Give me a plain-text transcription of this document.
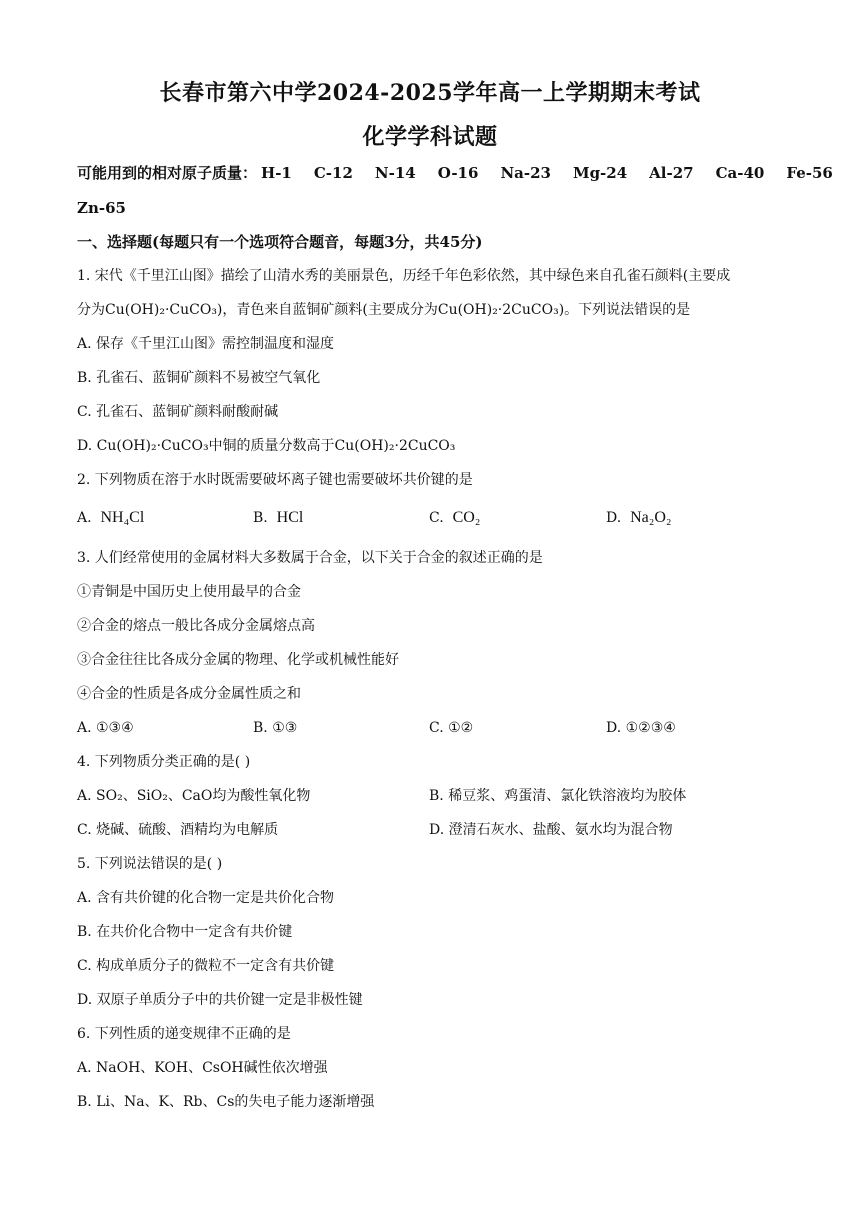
长春市第六中学2024-2025学年高一上学期期末考试
化学学科试题
可能用到的相对原子质量： H-1 C-12 N-14 O-16 Na-23 Mg-24 Al-27 Ca-40 Fe-56
Zn-65
一、选择题(每题只有一个选项符合题音，每题3分，共45分)
1. 宋代《千里江山图》描绘了山清水秀的美丽景色，历经千年色彩依然，其中绿色来自孔雀石颜料(主要成
分为Cu(OH)₂·CuCO₃)，青色来自蓝铜矿颜料(主要成分为Cu(OH)₂·2CuCO₃)。下列说法错误的是
A. 保存《千里江山图》需控制温度和湿度
B. 孔雀石、蓝铜矿颜料不易被空气氧化
C. 孔雀石、蓝铜矿颜料耐酸耐碱
D. Cu(OH)₂·CuCO₃中铜的质量分数高于Cu(OH)₂·2CuCO₃
2. 下列物质在溶于水时既需要破坏离子键也需要破坏共价键的是
A. NH₄Cl	B. HCl	C. CO₂	D. Na₂O₂
3. 人们经常使用的金属材料大多数属于合金，以下关于合金的叙述正确的是
①青铜是中国历史上使用最早的合金
②合金的熔点一般比各成分金属熔点高
③合金往往比各成分金属的物理、化学或机械性能好
④合金的性质是各成分金属性质之和
A. ①③④	B. ①③	C. ①②	D. ①②③④
4. 下列物质分类正确的是( )
A. SO₂、SiO₂、CaO均为酸性氧化物	B. 稀豆浆、鸡蛋清、氯化铁溶液均为胶体
C. 烧碱、硫酸、酒精均为电解质	D. 澄清石灰水、盐酸、氨水均为混合物
5. 下列说法错误的是( )
A. 含有共价键的化合物一定是共价化合物
B. 在共价化合物中一定含有共价键
C. 构成单质分子的微粒不一定含有共价键
D. 双原子单质分子中的共价键一定是非极性键
6. 下列性质的递变规律不正确的是
A. NaOH、KOH、CsOH碱性依次增强
B. Li、Na、K、Rb、Cs的失电子能力逐渐增强
